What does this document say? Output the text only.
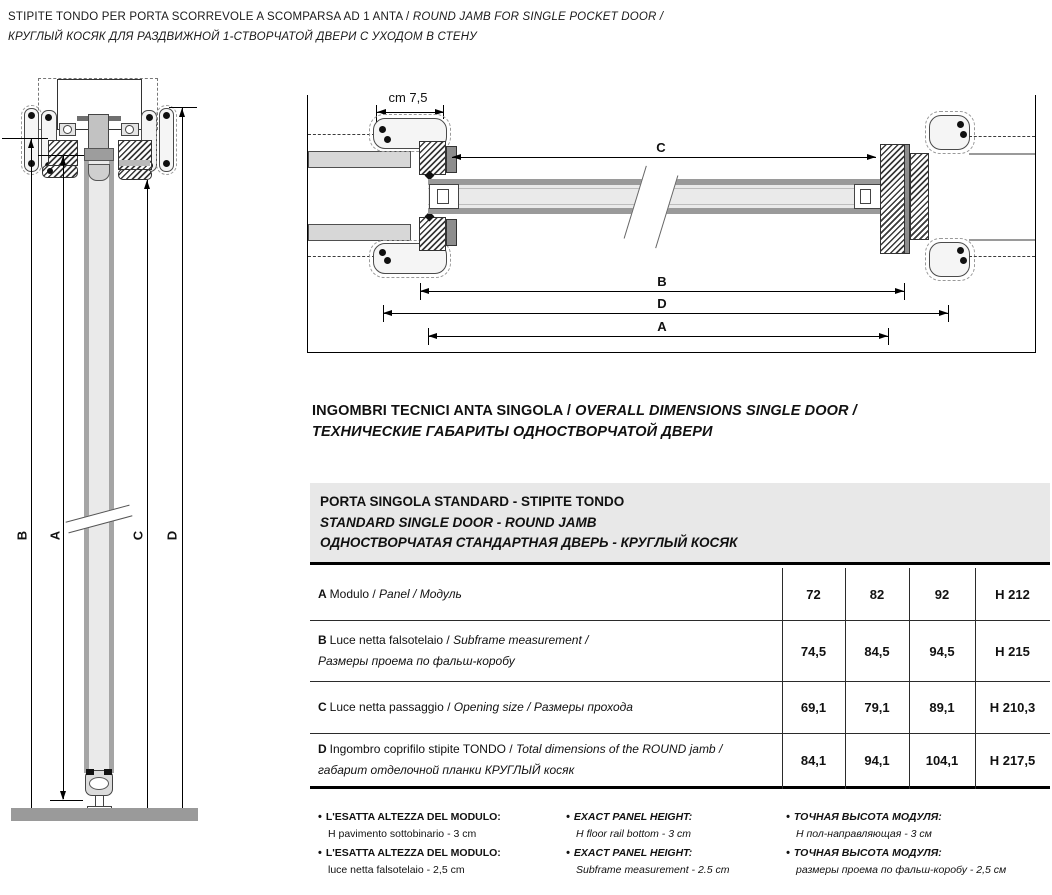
STIPITE TONDO PER PORTA SCORREVOLE A SCOMPARSA AD 1 ANTA / ROUND JAMB FOR SINGLE POCKET DOOR /
КРУГЛЫЙ КОСЯК ДЛЯ РАЗДВИЖНОЙ 1-СТВОРЧАТОЙ ДВЕРИ С УХОДОМ В СТЕНУ
B A	C D
cm 7,5
C
B
D
A
INGOMBRI TECNICI ANTA SINGOLA / OVERALL DIMENSIONS SINGLE DOOR /
ТЕХНИЧЕСКИЕ ГАБАРИТЫ ОДНОСТВОРЧАТОЙ ДВЕРИ
PORTA SINGOLA STANDARD - STIPITE TONDO
STANDARD SINGLE DOOR - ROUND JAMB
ОДНОСТВОРЧАТАЯ СТАНДАРТНАЯ ДВЕРЬ - КРУГЛЫЙ КОСЯК
A Modulo / Panel / Модуль	72	82	92	H 212
B Luce netta falsotelaio / Subframe measurement /
Размеры проема по фальш-коробу
74,5	84,5	94,5	H 215
C Luce netta passaggio / Opening size / Размеры прохода	69,1	79,1	89,1	H 210,3
D Ingombro coprifilo stipite TONDO / Total dimensions of the ROUND jamb /
габарит отделочной планки КРУГЛЫЙ косяк
84,1	94,1	104,1	H 217,5
• L'ESATTA ALTEZZA DEL MODULO:
H pavimento sottobinario - 3 cm
• L'ESATTA ALTEZZA DEL MODULO:
luce netta falsotelaio - 2,5 cm
• EXACT PANEL HEIGHT:
H floor rail bottom - 3 cm
• EXACT PANEL HEIGHT:
Subframe measurement - 2.5 cm
• ТОЧНАЯ ВЫСОТА МОДУЛЯ:
H пол-направляющая - 3 см
• ТОЧНАЯ ВЫСОТА МОДУЛЯ:
размеры проема по фальш-коробу - 2,5 см
